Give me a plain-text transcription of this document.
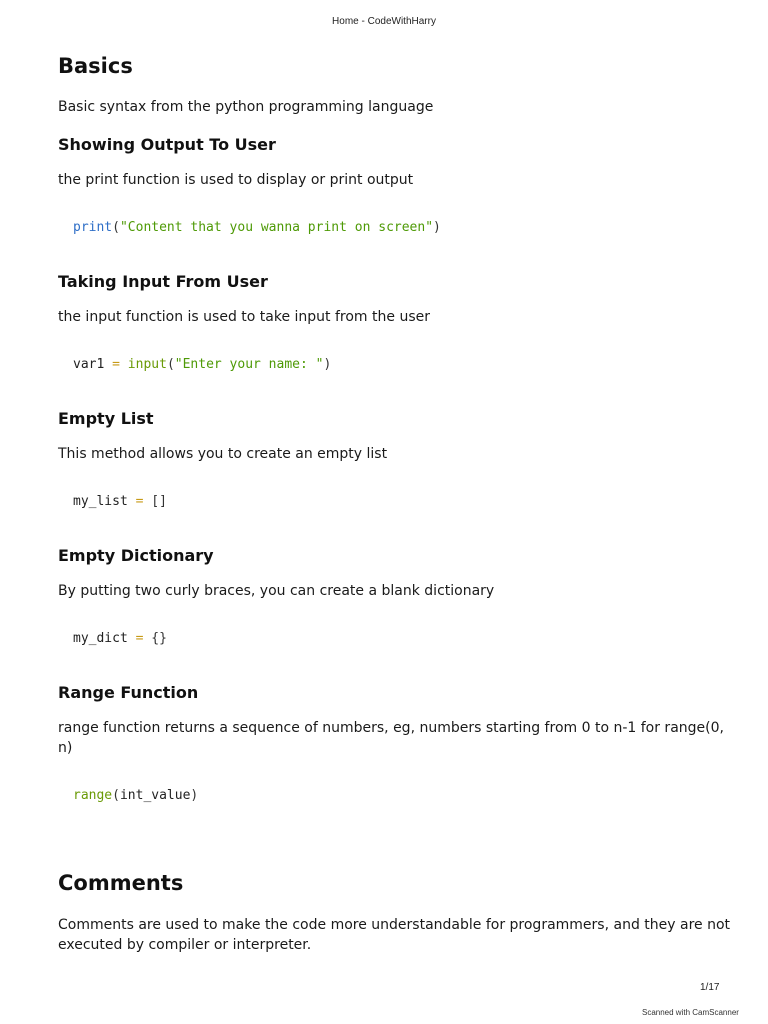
Home - CodeWithHarry
Basics

Basic syntax from the python programming language

Showing Output To User

the print function is used to display or print output

print("Content that you wanna print on screen")
Taking Input From User

the input function is used to take input from the user

var1 = input("Enter your name: ")
Empty List

This method allows you to create an empty list

my_list = []
Empty Dictionary

By putting two curly braces, you can create a blank dictionary

my_dict = {}
Range Function

range function returns a sequence of numbers, eg, numbers starting from 0 to n-1 for range(0, n)

range(int_value)
Comments

Comments are used to make the code more understandable for programmers, and they are not executed by compiler or interpreter.

1/17
Scanned with CamScanner
